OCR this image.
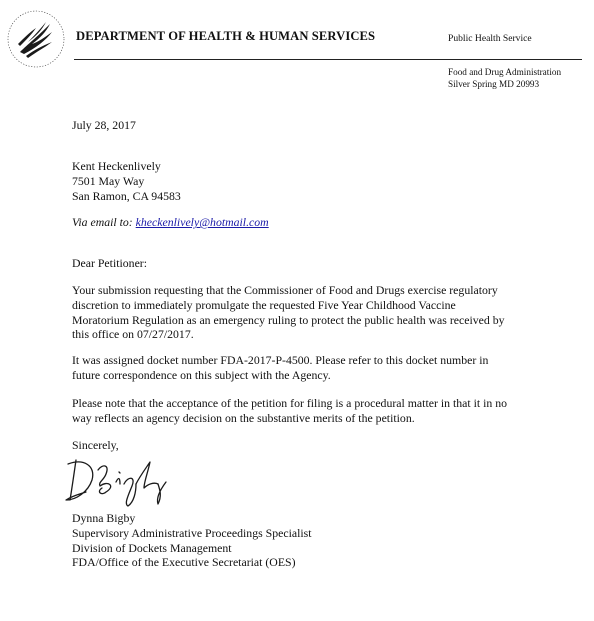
DEPARTMENT OF HEALTH & HUMAN SERVICES	Public Health Service
Food and Drug Administration
Silver Spring MD 20993
July 28, 2017
Kent Heckenlively
7501 May Way
San Ramon, CA 94583
Via email to: kheckenlively@hotmail.com
Dear Petitioner:
Your submission requesting that the Commissioner of Food and Drugs exercise regulatory
discretion to immediately promulgate the requested Five Year Childhood Vaccine
Moratorium Regulation as an emergency ruling to protect the public health was received by
this office on 07/27/2017.
It was assigned docket number FDA-2017-P-4500. Please refer to this docket number in
future correspondence on this subject with the Agency.
Please note that the acceptance of the petition for filing is a procedural matter in that it in no
way reflects an agency decision on the substantive merits of the petition.
Sincerely,
Dynna Bigby
Supervisory Administrative Proceedings Specialist
Division of Dockets Management
FDA/Office of the Executive Secretariat (OES)
